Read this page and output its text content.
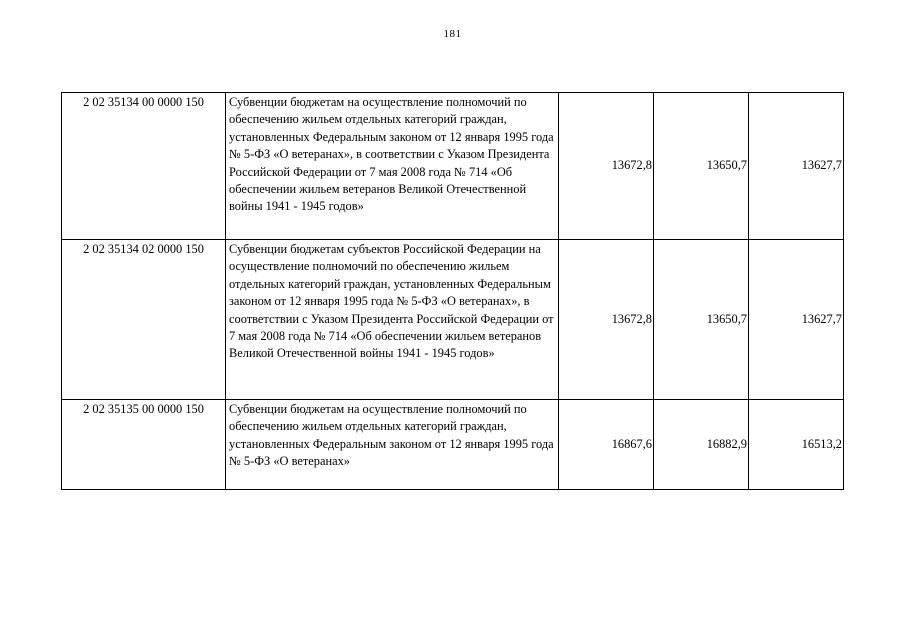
181
2 02 35134 00 0000 150	Субвенции бюджетам на осуществление полномочий по обеспечению жильем отдельных категорий граждан, установленных Федеральным законом от 12 января 1995 года № 5-ФЗ «О ветеранах», в соответствии с Указом Президента Российской Федерации от 7 мая 2008 года № 714 «Об обеспечении жильем ветеранов Великой Отечественной войны 1941 - 1945 годов»	13672,8	13650,7	13627,7
2 02 35134 02 0000 150	Субвенции бюджетам субъектов Российской Федерации на осуществление полномочий по обеспечению жильем отдельных категорий граждан, установленных Федеральным законом от 12 января 1995 года № 5-ФЗ «О ветеранах», в соответствии с Указом Президента Российской Федерации от 7 мая 2008 года № 714 «Об обеспечении жильем ветеранов Великой Отечественной войны 1941 - 1945 годов»	13672,8	13650,7	13627,7
2 02 35135 00 0000 150	Субвенции бюджетам на осуществление полномочий по обеспечению жильем отдельных категорий граждан, установленных Федеральным законом от 12 января 1995 года № 5-ФЗ «О ветеранах»	16867,6	16882,9	16513,2
